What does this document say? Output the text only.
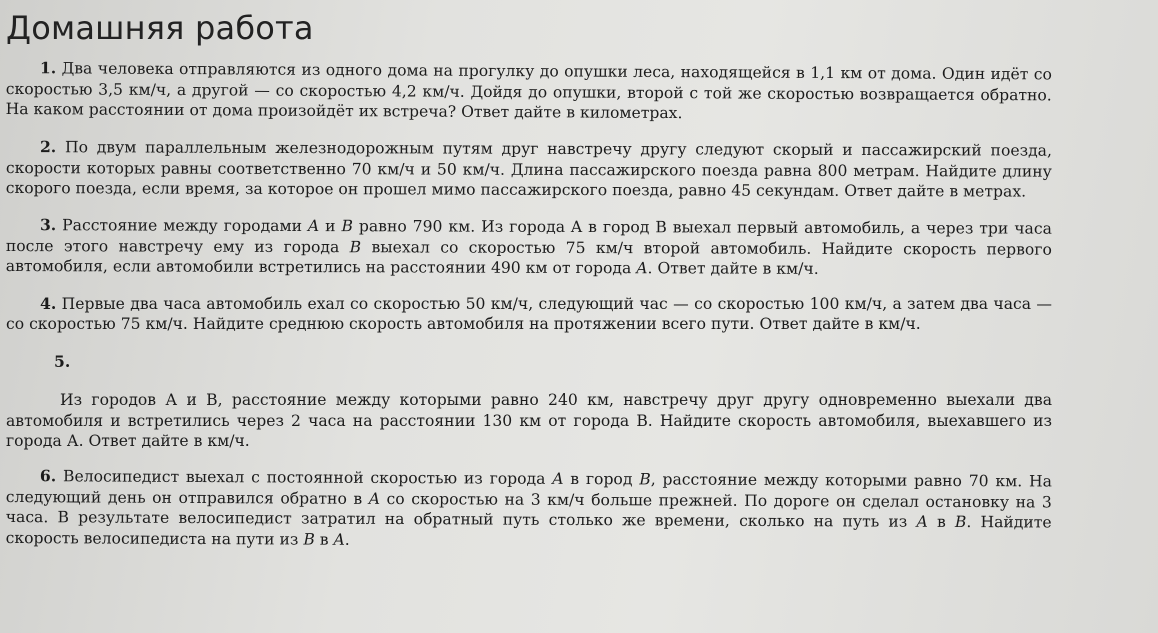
Домашняя работа

1. Два человека отправляются из одного дома на прогулку до опушки леса, находящейся в 1,1 км от дома. Один идёт со скоростью 3,5 км/ч, а другой — со скоростью 4,2 км/ч. Дойдя до опушки, второй с той же скоростью возвращается обратно. На каком расстоянии от дома произойдёт их встреча? Ответ дайте в километрах.

2. По двум параллельным железнодорожным путям друг навстречу другу следуют скорый и пассажирский поезда, скорости которых равны соответственно 70 км/ч и 50 км/ч. Длина пассажирского поезда равна 800 метрам. Найдите длину скорого поезда, если время, за которое он прошел мимо пассажирского поезда, равно 45 секундам. Ответ дайте в метрах.

3. Расстояние между городами A и B равно 790 км. Из города A в город B выехал первый автомобиль, а через три часа после этого навстречу ему из города B выехал со скоростью 75 км/ч второй автомобиль. Найдите скорость первого автомобиля, если автомобили встретились на расстоянии 490 км от города A. Ответ дайте в км/ч.

4. Первые два часа автомобиль ехал со скоростью 50 км/ч, следующий час — со скоростью 100 км/ч, а затем два часа — со скоростью 75 км/ч. Найдите среднюю скорость автомобиля на протяжении всего пути. Ответ дайте в км/ч.

5.

Из городов А и В, расстояние между которыми равно 240 км, навстречу друг другу одновременно выехали два автомобиля и встретились через 2 часа на расстоянии 130 км от города В. Найдите скорость автомобиля, выехавшего из города А. Ответ дайте в км/ч.

6. Велосипедист выехал с постоянной скоростью из города A в город B, расстояние между которыми равно 70 км. На следующий день он отправился обратно в A со скоростью на 3 км/ч больше прежней. По дороге он сделал остановку на 3 часа. В результате велосипедист затратил на обратный путь столько же времени, сколько на путь из A в B. Найдите скорость велосипедиста на пути из B в A.
